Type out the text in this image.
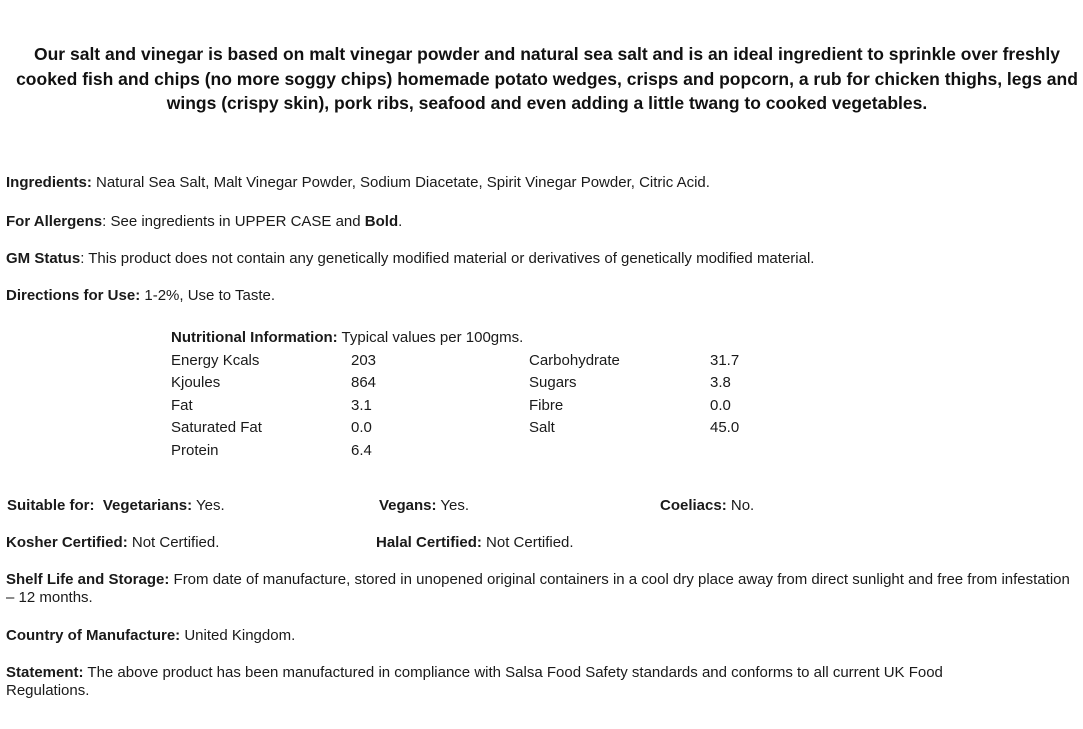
Our salt and vinegar is based on malt vinegar powder and natural sea salt and is an ideal ingredient to sprinkle over freshly cooked fish and chips (no more soggy chips) homemade potato wedges, crisps and popcorn, a rub for chicken thighs, legs and wings (crispy skin), pork ribs, seafood and even adding a little twang to cooked vegetables.
Ingredients: Natural Sea Salt, Malt Vinegar Powder, Sodium Diacetate, Spirit Vinegar Powder, Citric Acid.
For Allergens: See ingredients in UPPER CASE and Bold.
GM Status: This product does not contain any genetically modified material or derivatives of genetically modified material.
Directions for Use: 1-2%, Use to Taste.
Nutritional Information: Typical values per 100gms.
Energy Kcals	203	Carbohydrate	31.7
Kjoules	864	Sugars	3.8
Fat	3.1	Fibre	0.0
Saturated Fat	0.0	Salt	45.0
Protein	6.4
Suitable for: Vegetarians: Yes.	Vegans: Yes.	Coeliacs: No.
Kosher Certified: Not Certified.	Halal Certified: Not Certified.
Shelf Life and Storage: From date of manufacture, stored in unopened original containers in a cool dry place away from direct sunlight and free from infestation – 12 months.
Country of Manufacture: United Kingdom.
Statement: The above product has been manufactured in compliance with Salsa Food Safety standards and conforms to all current UK Food Regulations.
